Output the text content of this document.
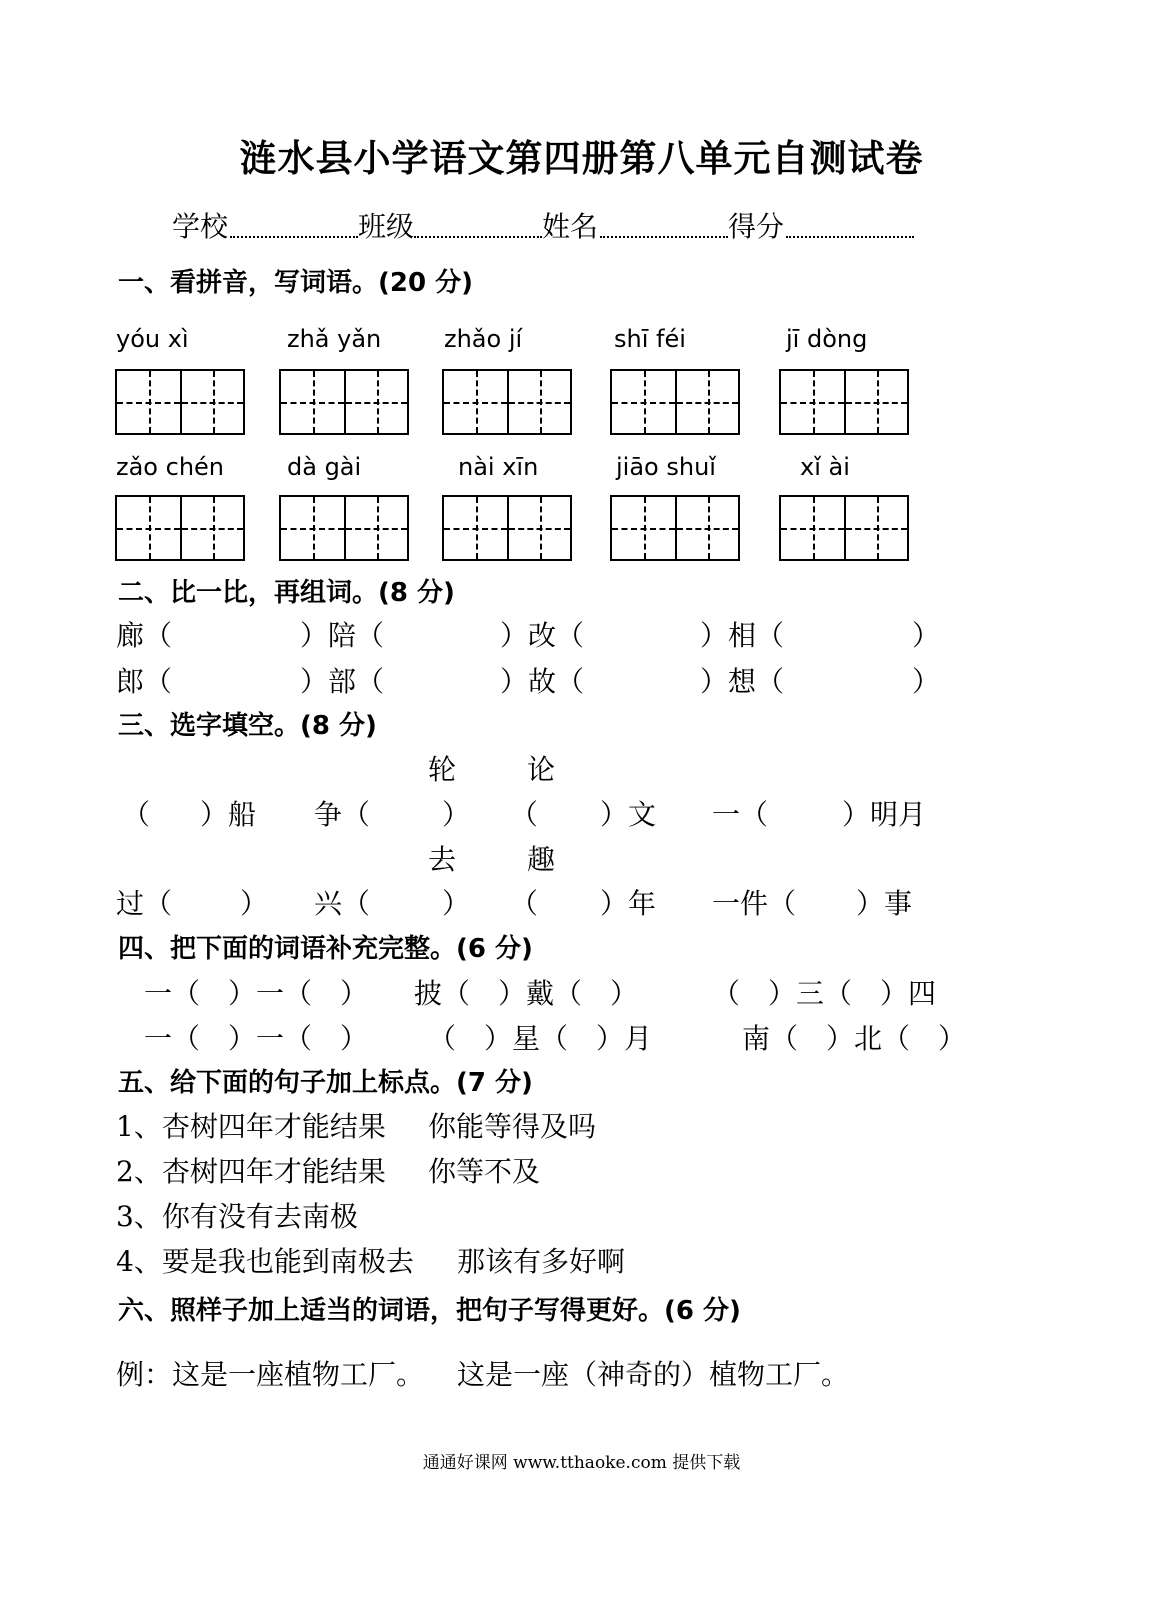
涟水县小学语文第四册第八单元自测试卷
学校	班级	姓名	得分
一、看拼音，写词语。(20 分)
yóu xì	zhǎ yǎn	zhǎo jí	shī féi	jī dòng
zǎo chén	dà gài	nài xīn	jiāo shuǐ	xǐ ài
二、比一比，再组词。(8 分)
廊（	）陪（	）改（	）相（	）
郎（	）部（	）故（	）想（	）
三、选字填空。(8 分)
轮	论
（ ）船 争（	） （ ）文 一（	）明月
去	趣
过（ ） 兴（	） （ ）年 一件（ ）事
四、把下面的词语补充完整。(6 分)
一（　）一（　） 披（　）戴（　）	（　）三（　）四
一（　）一（　） （　）星（　）月	南（　）北（　）
五、给下面的句子加上标点。(7 分)
1、杏树四年才能结果 你能等得及吗
2、杏树四年才能结果 你等不及
3、你有没有去南极
4、要是我也能到南极去 那该有多好啊
六、照样子加上适当的词语，把句子写得更好。(6 分)
例：这是一座植物工厂。 这是一座（神奇的）植物工厂。
通通好课网 www.tthaoke.com 提供下载
